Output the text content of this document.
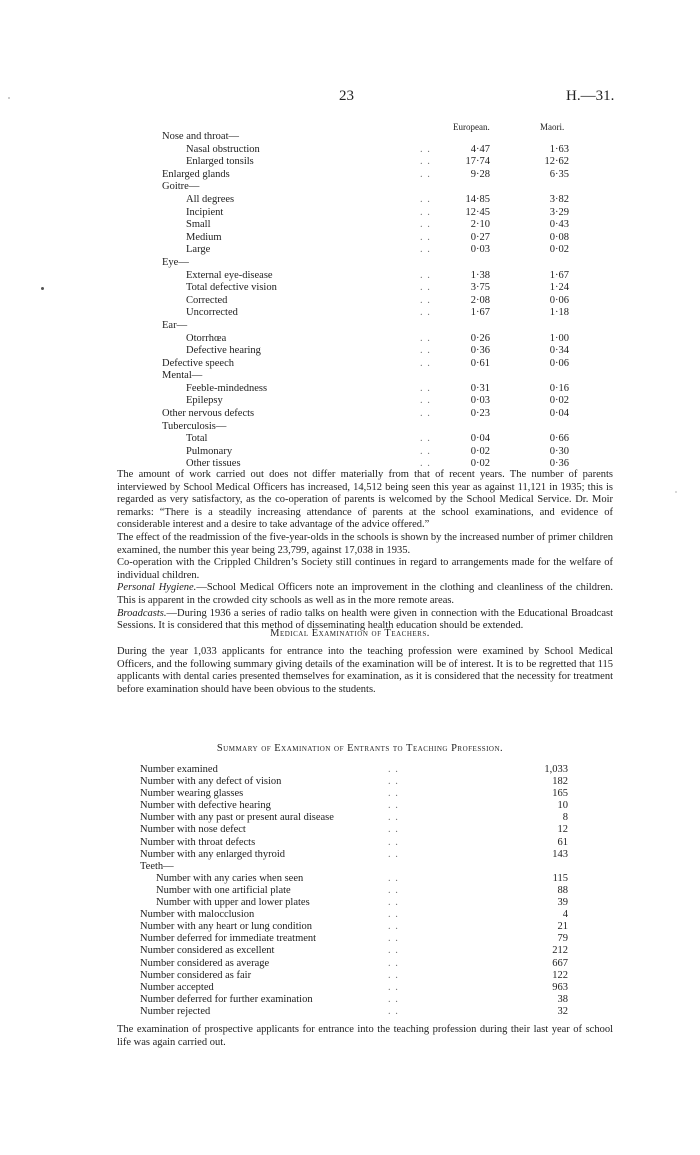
23	H.—31.
European.	Maori.
Nose and throat—
Nasal obstruction	. .	4·47	1·63
Enlarged tonsils	. .	17·74	12·62
Enlarged glands	. .	9·28	6·35
Goitre—
All degrees	. .	14·85	3·82
Incipient	. .	12·45	3·29
Small	. .	2·10	0·43
Medium	. .	0·27	0·08
Large	. .	0·03	0·02
Eye—
External eye-disease	. .	1·38	1·67
Total defective vision	. .	3·75	1·24
Corrected	. .	2·08	0·06
Uncorrected	. .	1·67	1·18
Ear—
Otorrhœa	. .	0·26	1·00
Defective hearing	. .	0·36	0·34
Defective speech	. .	0·61	0·06
Mental—
Feeble-mindedness	. .	0·31	0·16
Epilepsy	. .	0·03	0·02
Other nervous defects	. .	0·23	0·04
Tuberculosis—
Total	. .	0·04	0·66
Pulmonary	. .	0·02	0·30
Other tissues	. .	0·02	0·36

The amount of work carried out does not differ materially from that of recent years. The number of parents interviewed by School Medical Officers has increased, 14,512 being seen this year as against 11,121 in 1935; this is regarded as very satisfactory, as the co-operation of parents is welcomed by the School Medical Service. Dr. Moir remarks: “There is a steadily increasing attendance of parents at the school examinations, and evidence of considerable interest and a desire to take advantage of the advice offered.”

The effect of the readmission of the five-year-olds in the schools is shown by the increased number of primer children examined, the number this year being 23,799, against 17,038 in 1935.

Co-operation with the Crippled Children’s Society still continues in regard to arrangements made for the welfare of individual children.

Personal Hygiene.—School Medical Officers note an improvement in the clothing and cleanliness of the children. This is apparent in the crowded city schools as well as in the more remote areas.

Broadcasts.—During 1936 a series of radio talks on health were given in connection with the Educational Broadcast Sessions. It is considered that this method of disseminating health education should be extended.

Medical Examination of Teachers.

During the year 1,033 applicants for entrance into the teaching profession were examined by School Medical Officers, and the following summary giving details of the examination will be of interest. It is to be regretted that 115 applicants with dental caries presented themselves for examination, as it is considered that the necessity for treatment before examination should have been obvious to the students.

Summary of Examination of Entrants to Teaching Profession.
Number examined	. .	1,033
Number with any defect of vision	. .	182
Number wearing glasses	. .	165
Number with defective hearing	. .	10
Number with any past or present aural disease	. .	8
Number with nose defect	. .	12
Number with throat defects	. .	61
Number with any enlarged thyroid	. .	143
Teeth—
Number with any caries when seen	. .	115
Number with one artificial plate	. .	88
Number with upper and lower plates	. .	39
Number with malocclusion	. .	4
Number with any heart or lung condition	. .	21
Number deferred for immediate treatment	. .	79
Number considered as excellent	. .	212
Number considered as average	. .	667
Number considered as fair	. .	122
Number accepted	. .	963
Number deferred for further examination	. .	38
Number rejected	. .	32

The examination of prospective applicants for entrance into the teaching profession during their last year of school life was again carried out.
